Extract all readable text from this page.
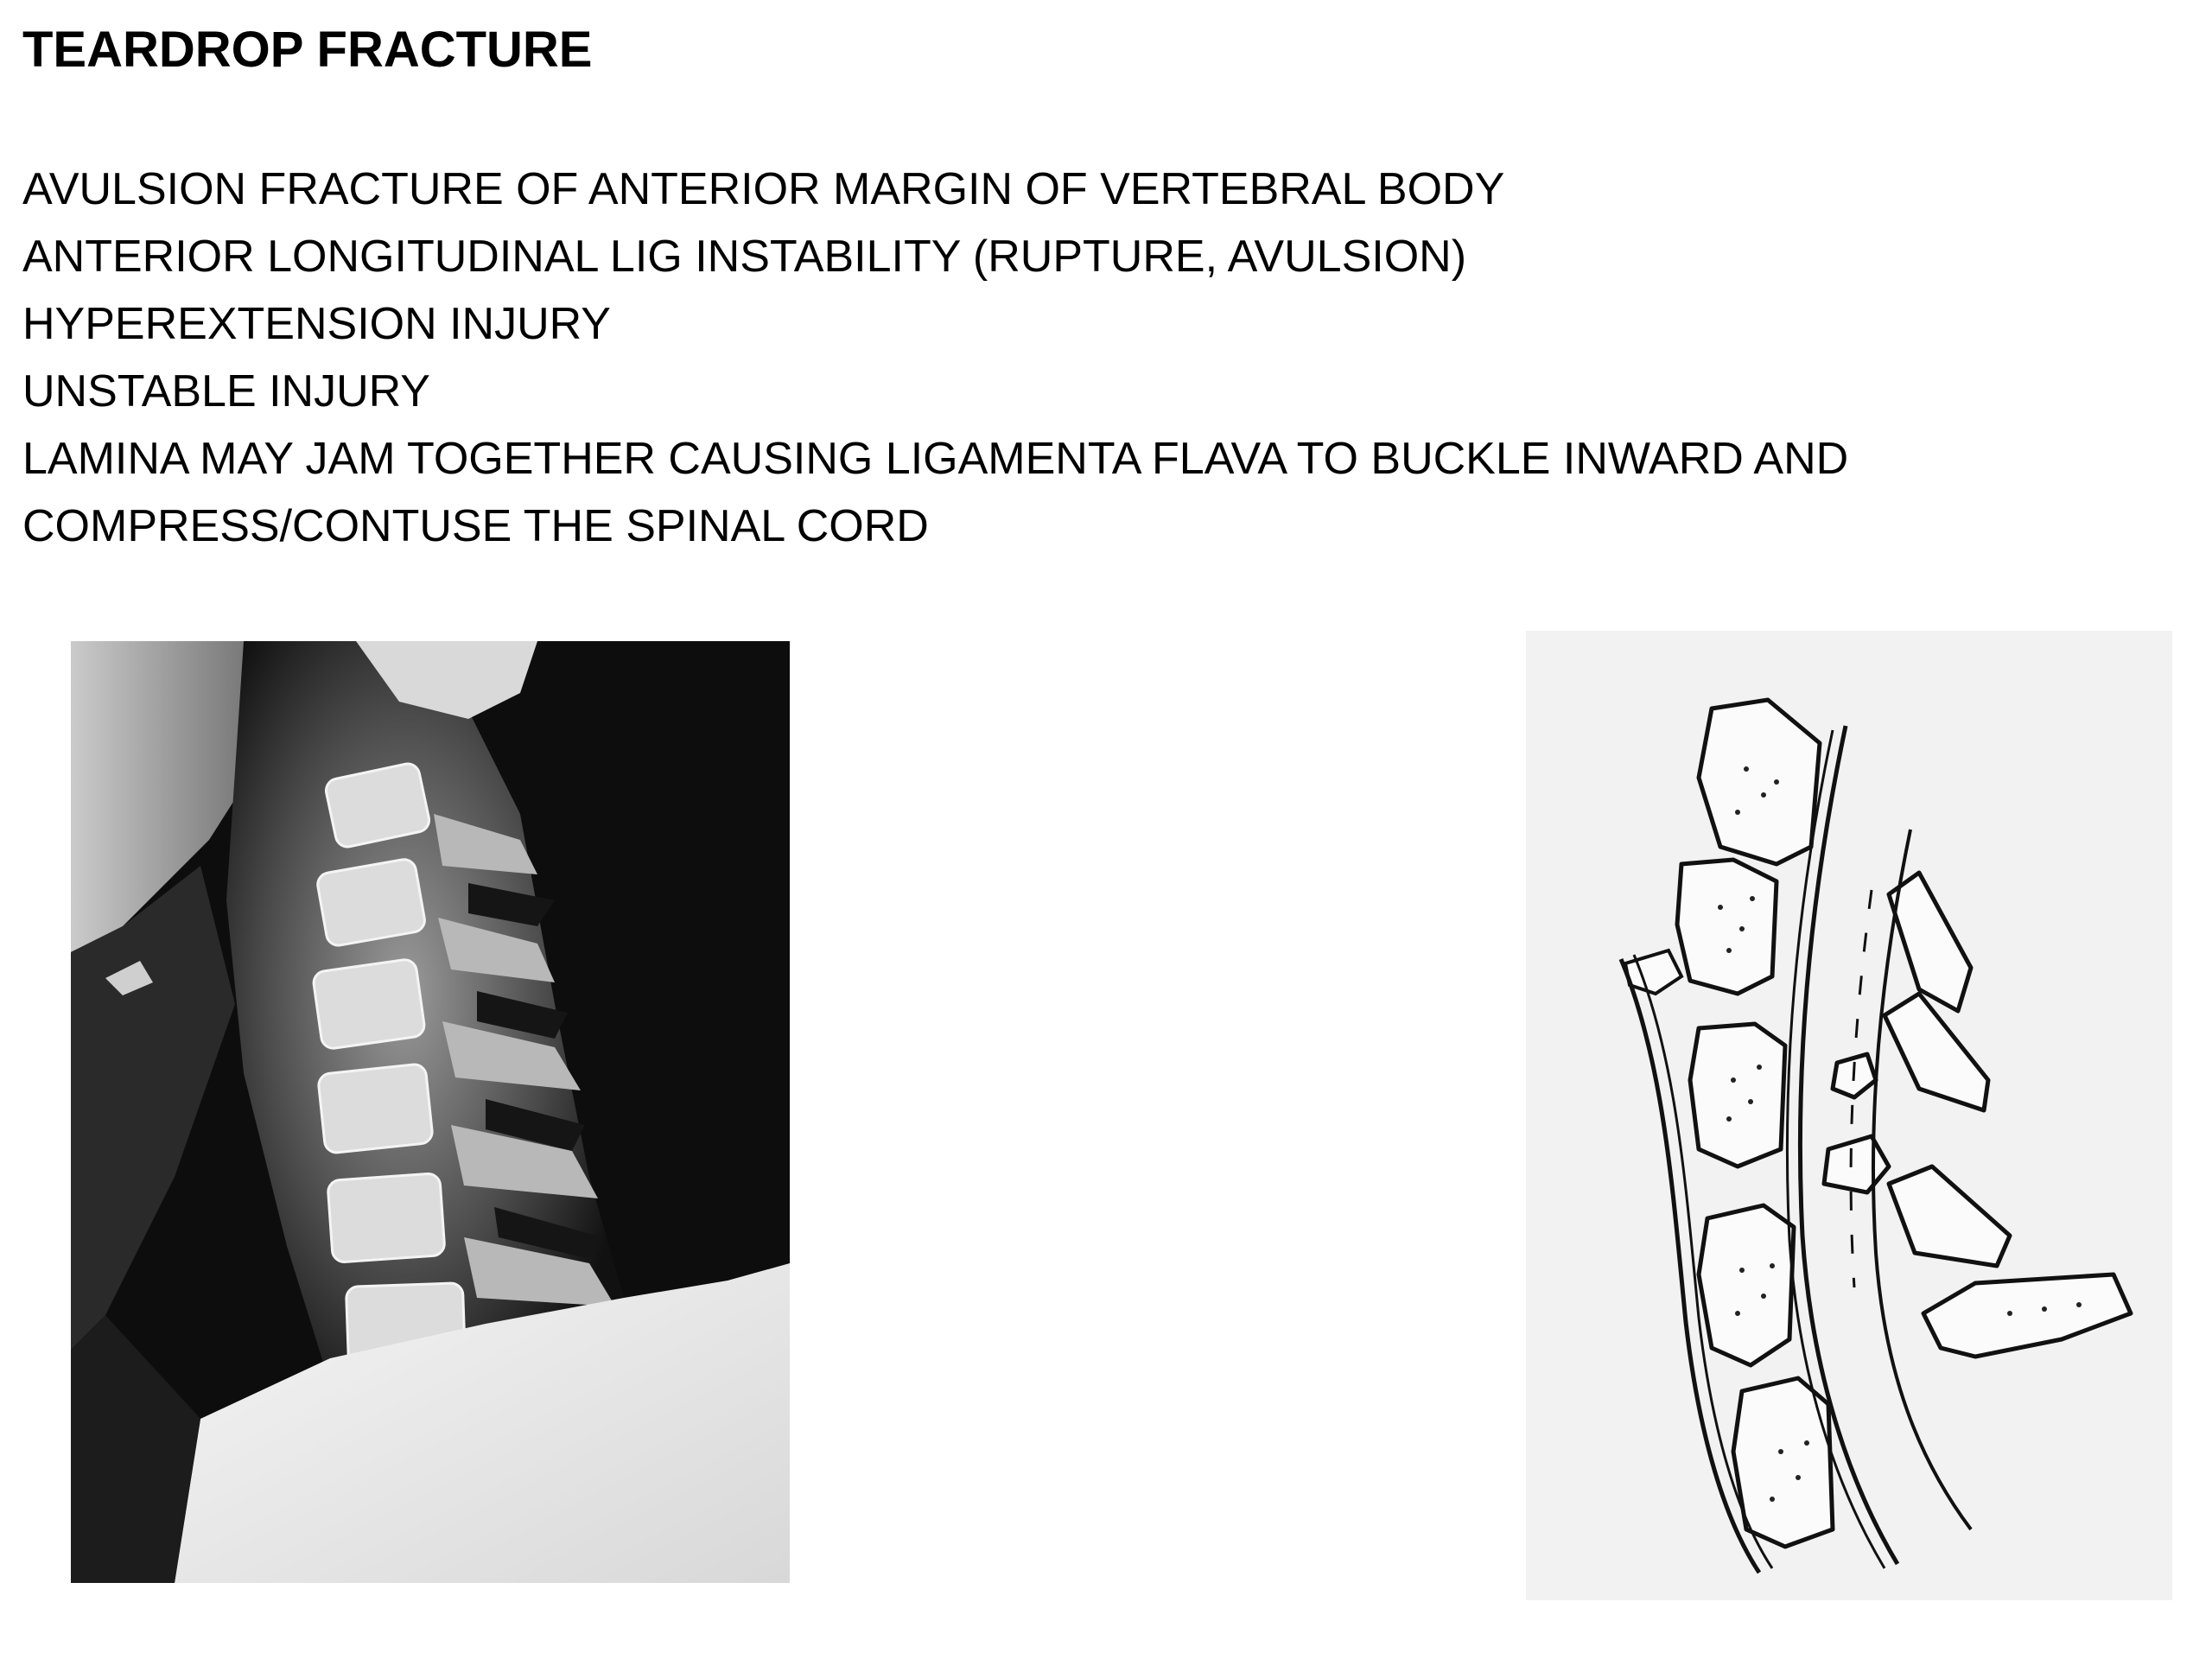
TEARDROP FRACTURE
AVULSION FRACTURE OF ANTERIOR MARGIN OF VERTEBRAL BODY
ANTERIOR LONGITUDINAL LIG INSTABILITY (RUPTURE, AVULSION)
HYPEREXTENSION INJURY
UNSTABLE INJURY
LAMINA MAY JAM TOGETHER CAUSING LIGAMENTA FLAVA TO BUCKLE INWARD AND
COMPRESS/CONTUSE THE SPINAL CORD
